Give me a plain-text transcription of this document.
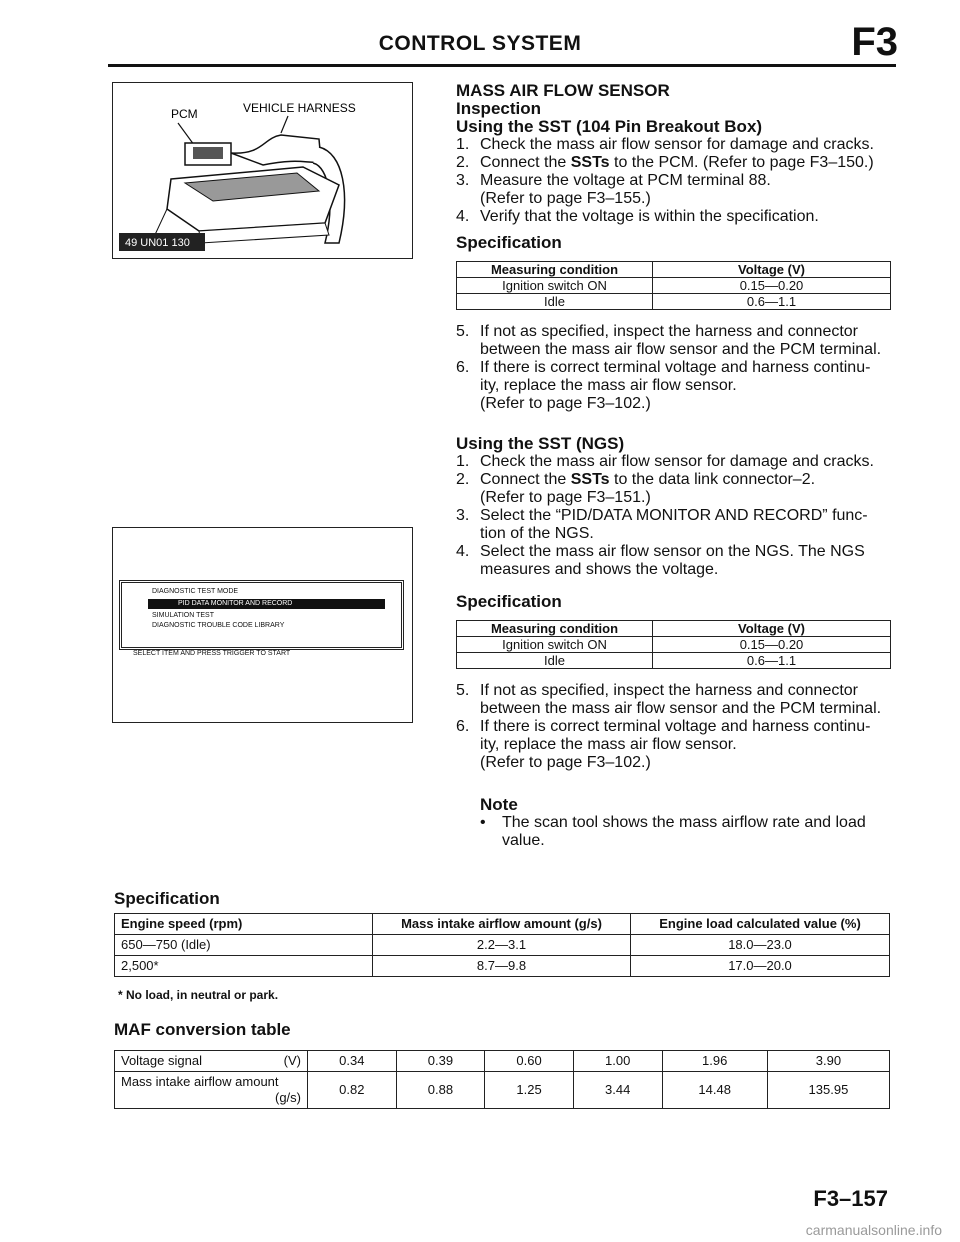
CONTROL SYSTEM	F3
PCM	VEHICLE HARNESS
49 UN01 130
DIAGNOSTIC TEST MODE
PID DATA MONITOR AND RECORD
SIMULATION TEST
DIAGNOSTIC TROUBLE CODE LIBRARY
SELECT ITEM AND PRESS TRIGGER TO START
MASS AIR FLOW SENSOR
Inspection
Using the SST (104 Pin Breakout Box)
1. Check the mass air flow sensor for damage and cracks.
2. Connect the SSTs to the PCM. (Refer to page F3–150.)
3. Measure the voltage at PCM terminal 88.
(Refer to page F3–155.)
4. Verify that the voltage is within the specification.
Specification
Measuring condition	Voltage (V)
Ignition switch ON	0.15—0.20
Idle	0.6—1.1
5. If not as specified, inspect the harness and connector
between the mass air flow sensor and the PCM terminal.
6. If there is correct terminal voltage and harness continu-
ity, replace the mass air flow sensor.
(Refer to page F3–102.)
Using the SST (NGS)
1. Check the mass air flow sensor for damage and cracks.
2. Connect the SSTs to the data link connector–2.
(Refer to page F3–151.)
3. Select the “PID/DATA MONITOR AND RECORD” func-
tion of the NGS.
4. Select the mass air flow sensor on the NGS. The NGS
measures and shows the voltage.
Specification
Measuring condition	Voltage (V)
Ignition switch ON	0.15—0.20
Idle	0.6—1.1
5. If not as specified, inspect the harness and connector
between the mass air flow sensor and the PCM terminal.
6. If there is correct terminal voltage and harness continu-
ity, replace the mass air flow sensor.
(Refer to page F3–102.)
Note
•	The scan tool shows the mass airflow rate and load
value.
Specification
Engine speed (rpm)	Mass intake airflow amount (g/s)	Engine load calculated value (%)
650—750 (Idle)	2.2—3.1	18.0—23.0
2,500*	8.7—9.8	17.0—20.0
* No load, in neutral or park.
MAF conversion table
Voltage signal (V)	0.34	0.39	0.60	1.00	1.96	3.90
Mass intake airflow amount

(g/s)	0.82	0.88	1.25	3.44	14.48	135.95
F3–157
carmanualsonline.info
